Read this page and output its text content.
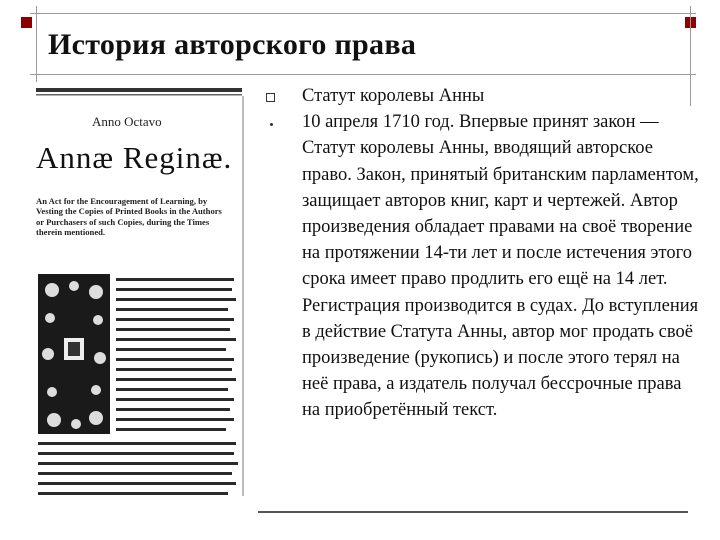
История авторского права
Anno Octavo
Annæ Reginæ.
An Act for the Encouragement of Learning, by Vesting the Copies of Printed Books in the Authors or Purchasers of such Copies, during the Times therein mentioned.

Статут королевы Анны

10 апреля 1710 год. Впервые принят закон — Статут королевы Анны, вводящий авторское право. Закон, принятый британским парламентом, защищает авторов книг, карт и чертежей. Автор произведения обладает правами на своё творение на протяжении 14-ти лет и после истечения этого срока имеет право продлить его ещё на 14 лет. Регистрация производится в судах. До вступления в действие Статута Анны, автор мог продать своё произведение (рукопись) и после этого терял на неё права, а издатель получал бессрочные права на приобретённый текст.
